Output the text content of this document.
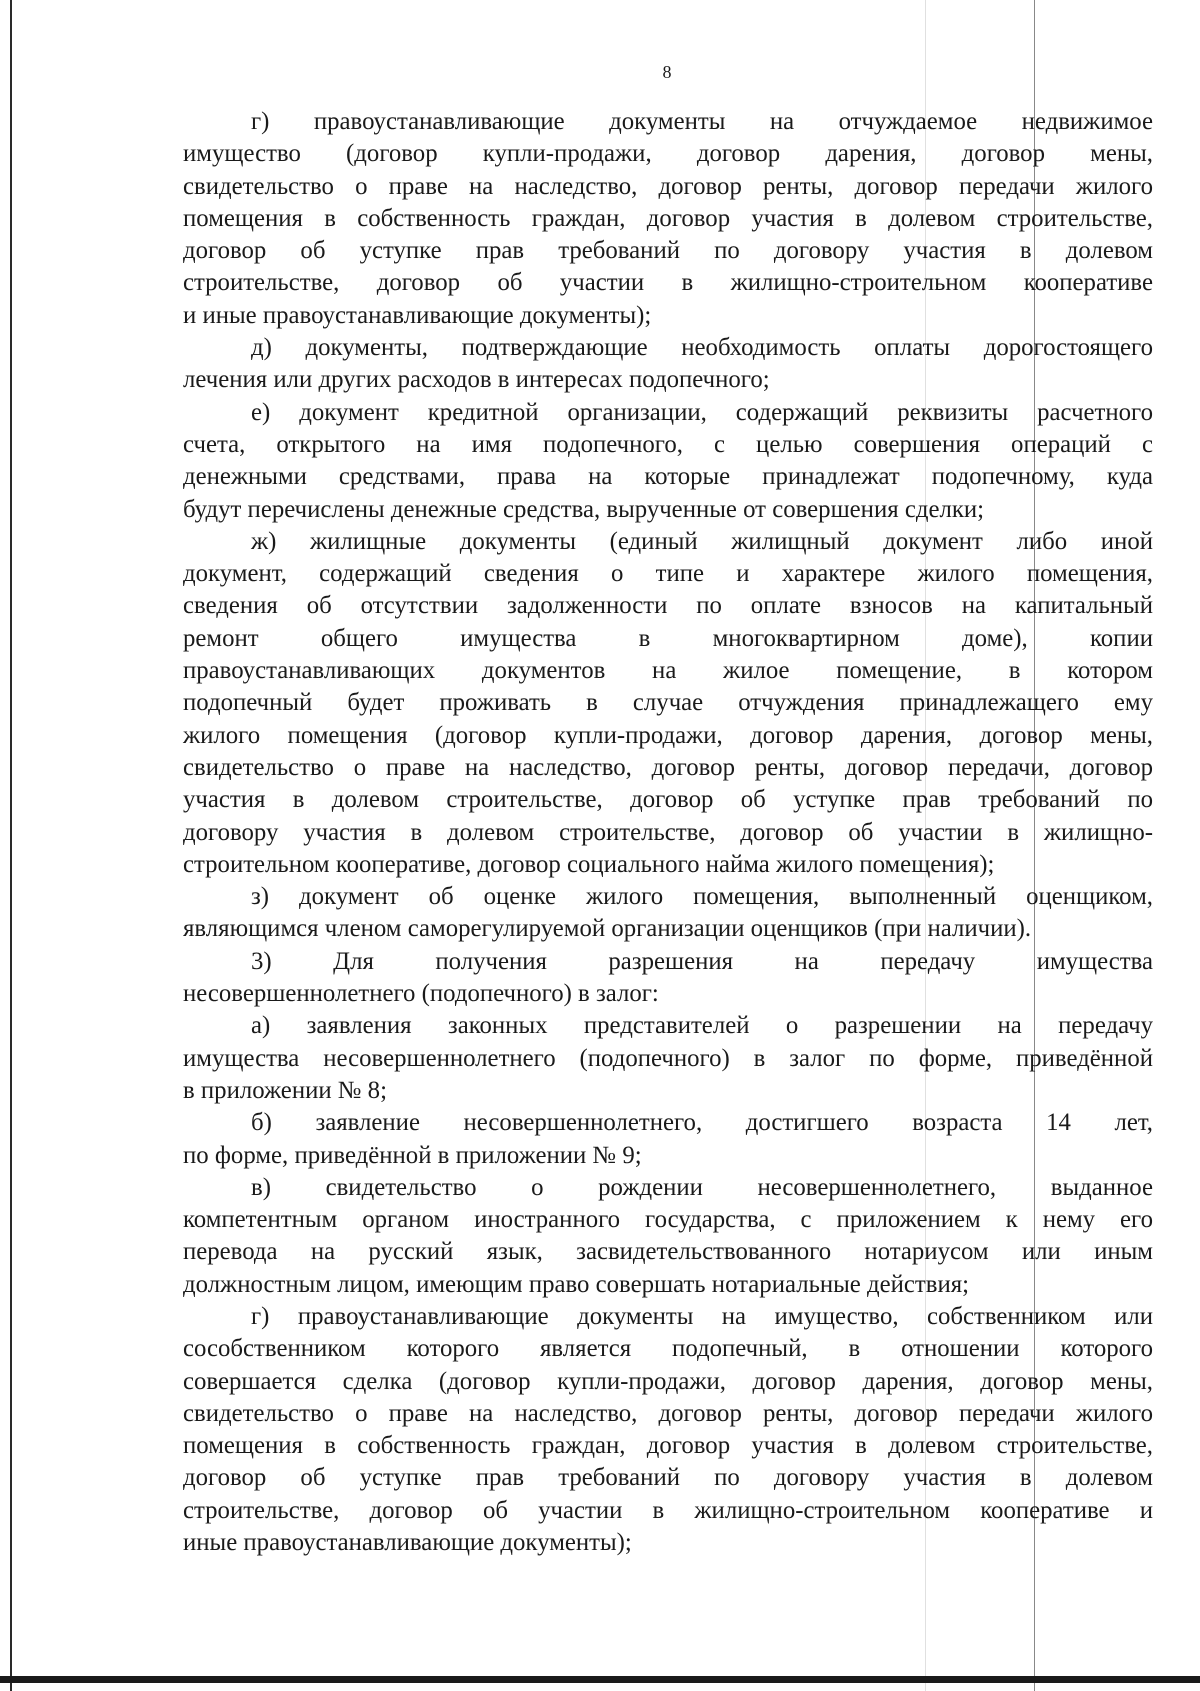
8
г) правоустанавливающие документы на отчуждаемое недвижимое
имущество (договор купли-продажи, договор дарения, договор мены,
свидетельство о праве на наследство, договор ренты, договор передачи жилого
помещения в собственность граждан, договор участия в долевом строительстве,
договор об уступке прав требований по договору участия в долевом
строительстве, договор об участии в жилищно-строительном кооперативе
и иные правоустанавливающие документы);
д) документы, подтверждающие необходимость оплаты дорогостоящего
лечения или других расходов в интересах подопечного;
е) документ кредитной организации, содержащий реквизиты расчетного
счета, открытого на имя подопечного, с целью совершения операций с
денежными средствами, права на которые принадлежат подопечному, куда
будут перечислены денежные средства, вырученные от совершения сделки;
ж) жилищные документы (единый жилищный документ либо иной
документ, содержащий сведения о типе и характере жилого помещения,
сведения об отсутствии задолженности по оплате взносов на капитальный
ремонт общего имущества в многоквартирном доме), копии
правоустанавливающих документов на жилое помещение, в котором
подопечный будет проживать в случае отчуждения принадлежащего ему
жилого помещения (договор купли-продажи, договор дарения, договор мены,
свидетельство о праве на наследство, договор ренты, договор передачи, договор
участия в долевом строительстве, договор об уступке прав требований по
договору участия в долевом строительстве, договор об участии в жилищно-
строительном кооперативе, договор социального найма жилого помещения);
з) документ об оценке жилого помещения, выполненный оценщиком,
являющимся членом саморегулируемой организации оценщиков (при наличии).
3) Для получения разрешения на передачу имущества
несовершеннолетнего (подопечного) в залог:
а) заявления законных представителей о разрешении на передачу
имущества несовершеннолетнего (подопечного) в залог по форме, приведённой
в приложении № 8;
б) заявление несовершеннолетнего, достигшего возраста 14 лет,
по форме, приведённой в приложении № 9;
в) свидетельство о рождении несовершеннолетнего, выданное
компетентным органом иностранного государства, с приложением к нему его
перевода на русский язык, засвидетельствованного нотариусом или иным
должностным лицом, имеющим право совершать нотариальные действия;
г) правоустанавливающие документы на имущество, собственником или
сособственником которого является подопечный, в отношении которого
совершается сделка (договор купли-продажи, договор дарения, договор мены,
свидетельство о праве на наследство, договор ренты, договор передачи жилого
помещения в собственность граждан, договор участия в долевом строительстве,
договор об уступке прав требований по договору участия в долевом
строительстве, договор об участии в жилищно-строительном кооперативе и
иные правоустанавливающие документы);
